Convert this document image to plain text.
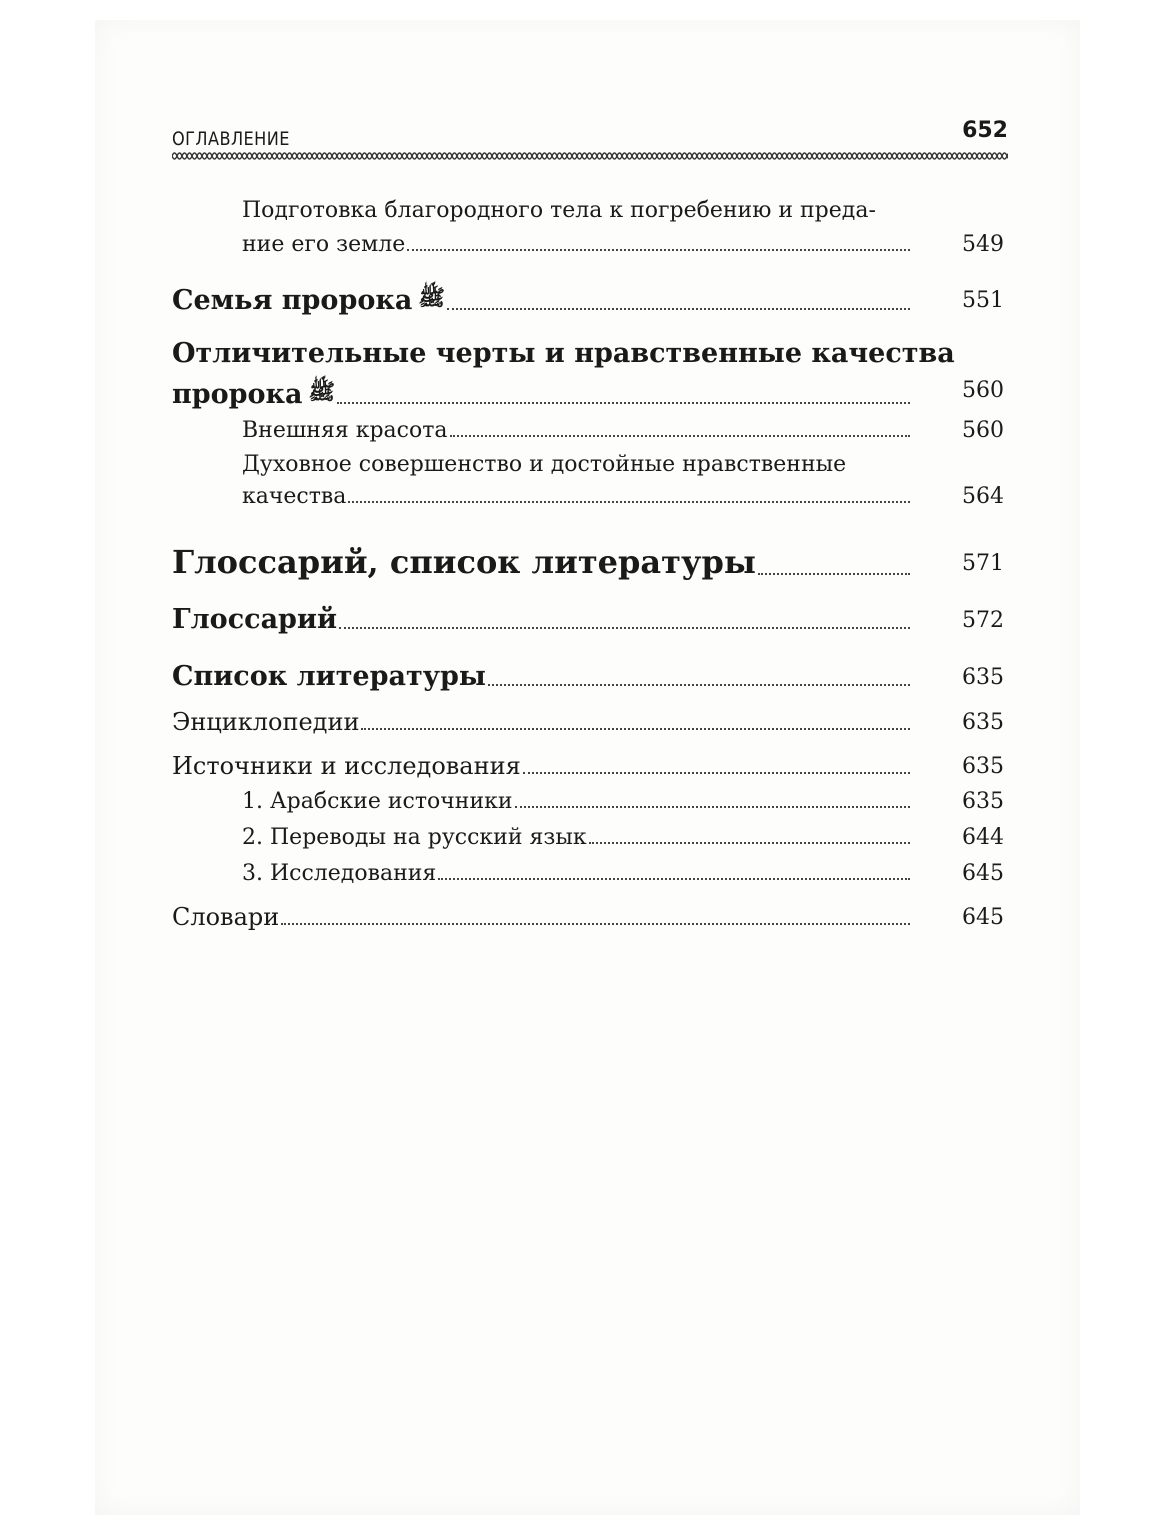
ОГЛАВЛЕНИЕ	652
Подготовка благородного тела к погребению и преда-
ние его земле	549
Семья пророка ﷺ	551
Отличительные черты и нравственные качества
пророка ﷺ	560
Внешняя красота	560
Духовное совершенство и достойные нравственные
качества	564
Глоссарий, список литературы	571
Глоссарий	572
Список литературы	635
Энциклопедии	635
Источники и исследования	635
1. Арабские источники	635
2. Переводы на русский язык	644
3. Исследования	645
Словари	645
